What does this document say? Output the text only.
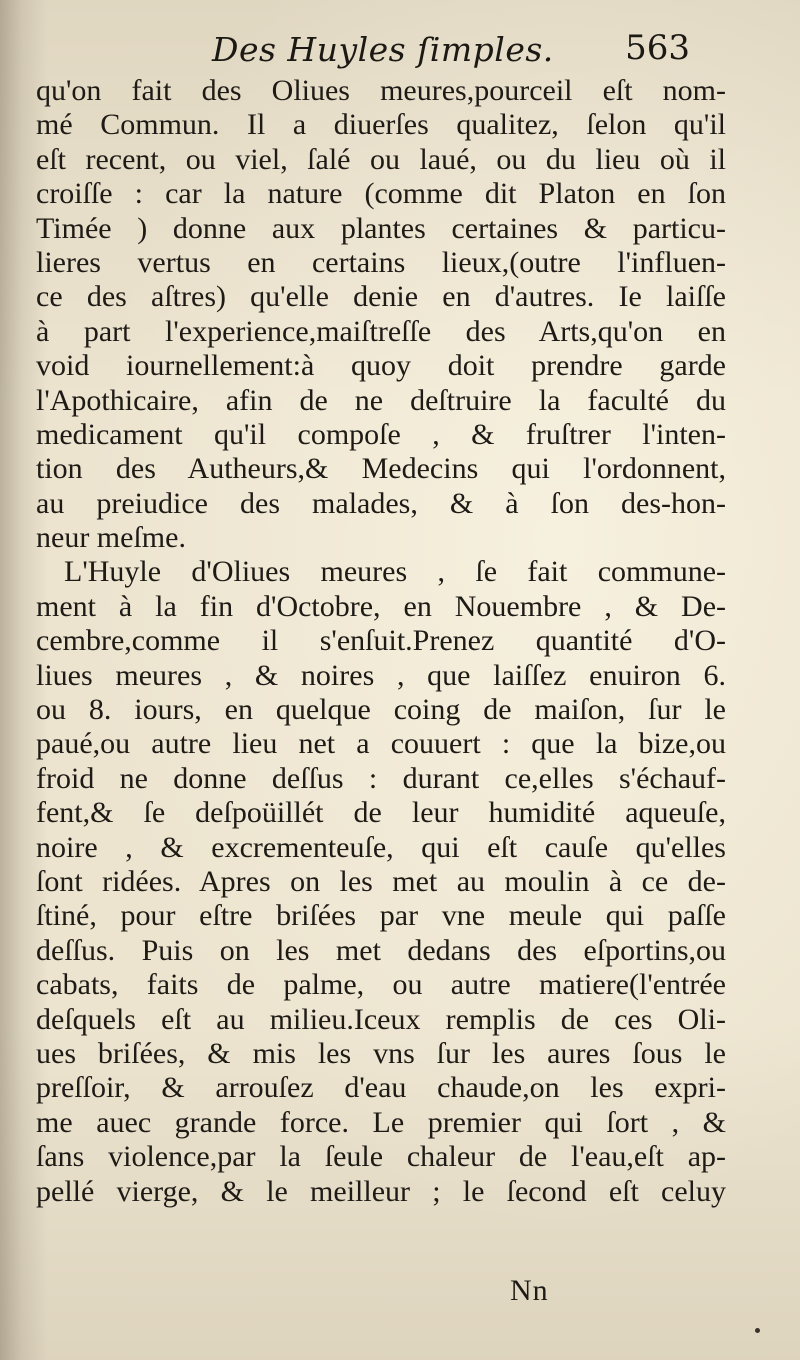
Des Huyles ſimples. 563
qu'on fait des Oliues meures,pourceil eſt nom-
mé Commun. Il a diuerſes qualitez, ſelon qu'il
eſt recent, ou viel, ſalé ou laué, ou du lieu où il
croiſſe : car la nature (comme dit Platon en ſon
Timée ) donne aux plantes certaines & particu-
lieres vertus en certains lieux,(outre l'influen-
ce des aſtres) qu'elle denie en d'autres. Ie laiſſe
à part l'experience,maiſtreſſe des Arts,qu'on en
void iournellement:à quoy doit prendre garde
l'Apothicaire, afin de ne deſtruire la faculté du
medicament qu'il compoſe , & fruſtrer l'inten-
tion des Autheurs,& Medecins qui l'ordonnent,
au preiudice des malades, & à ſon des-hon-
neur meſme.
L'Huyle d'Oliues meures , ſe fait commune-
ment à la fin d'Octobre, en Nouembre , & De-
cembre,comme il s'enſuit.Prenez quantité d'O-
liues meures , & noires , que laiſſez enuiron 6.
ou 8. iours, en quelque coing de maiſon, ſur le
paué,ou autre lieu net a couuert : que la bize,ou
froid ne donne deſſus : durant ce,elles s'échauf-
fent,& ſe deſpoüillét de leur humidité aqueuſe,
noire , & excrementeuſe, qui eſt cauſe qu'elles
ſont ridées. Apres on les met au moulin à ce de-
ſtiné, pour eſtre briſées par vne meule qui paſſe
deſſus. Puis on les met dedans des eſportins,ou
cabats, faits de palme, ou autre matiere(l'entrée
deſquels eſt au milieu.Iceux remplis de ces Oli-
ues briſées, & mis les vns ſur les aures ſous le
preſſoir, & arrouſez d'eau chaude,on les expri-
me auec grande force. Le premier qui ſort , &
ſans violence,par la ſeule chaleur de l'eau,eſt ap-
pellé vierge, & le meilleur ; le ſecond eſt celuy
Nn
